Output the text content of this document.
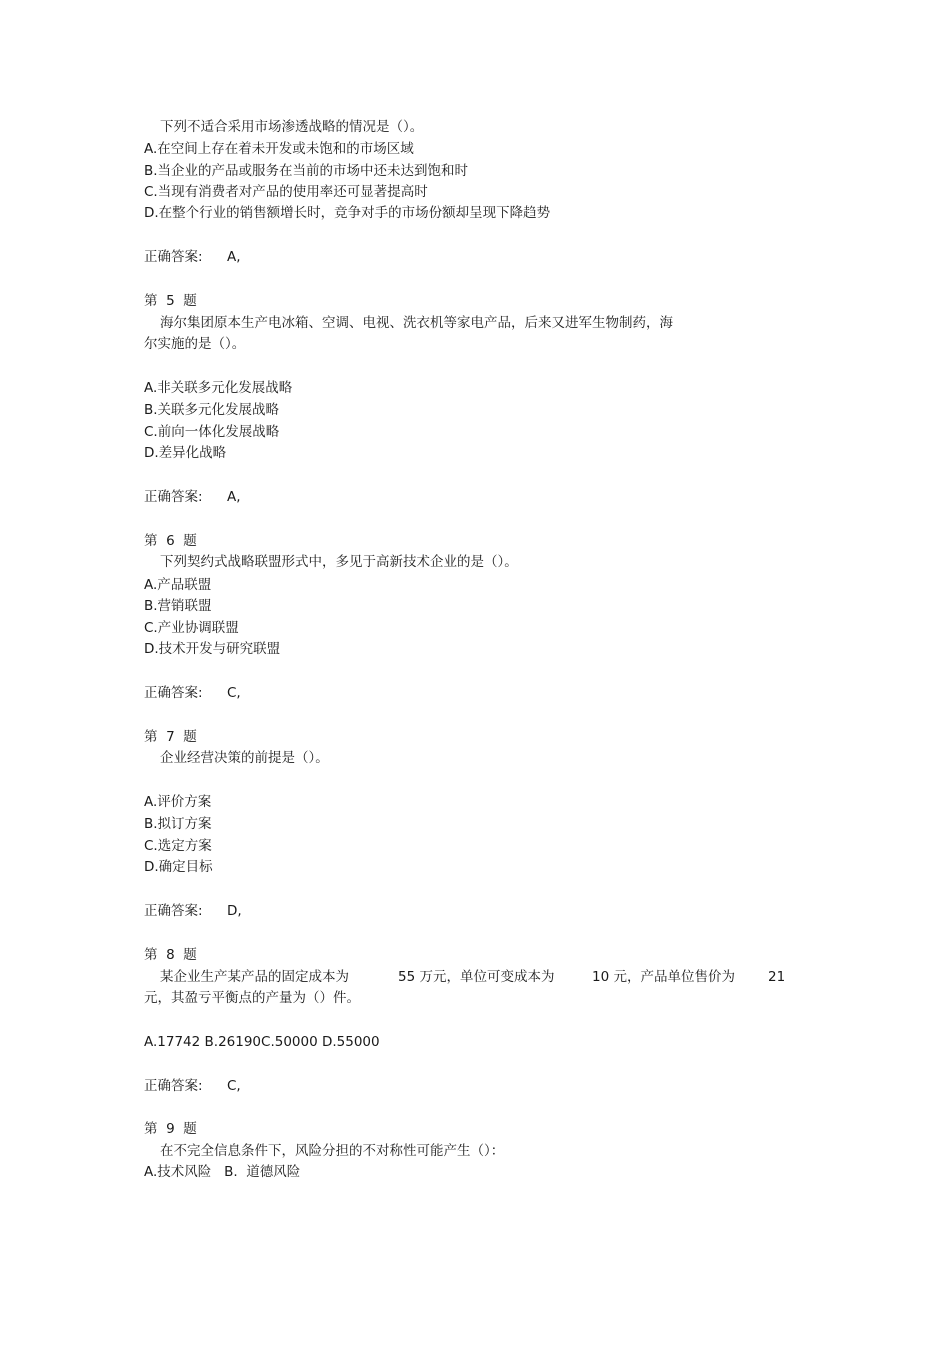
下列不适合采用市场渗透战略的情况是（）。
A.在空间上存在着未开发或未饱和的市场区域
B.当企业的产品或服务在当前的市场中还未达到饱和时
C.当现有消费者对产品的使用率还可显著提高时
D.在整个行业的销售额增长时，竞争对手的市场份额却呈现下降趋势

正确答案:

A,

第  5  题
海尔集团原本生产电冰箱、空调、电视、洗衣机等家电产品，后来又进军生物制药，海
尔实施的是（）。
A.非关联多元化发展战略
B.关联多元化发展战略
C.前向一体化发展战略
D.差异化战略

正确答案:

A,

第  6  题
下列契约式战略联盟形式中，多见于高新技术企业的是（）。
A.产品联盟
B.营销联盟
C.产业协调联盟
D.技术开发与研究联盟

正确答案:

C,

第  7  题
企业经营决策的前提是（）。
A.评价方案
B.拟订方案
C.选定方案
D.确定目标

正确答案:

D,

第  8  题

某企业生产某产品的固定成本为

	55 万元，单位可变成本为

	10 元，产品单位售价为

21

元，其盈亏平衡点的产量为（）件。
A.17742 B.26190C.50000 D.55000

正确答案:

C,

第  9  题
在不完全信息条件下，风险分担的不对称性可能产生（）：
A.技术风险   B.  道德风险
